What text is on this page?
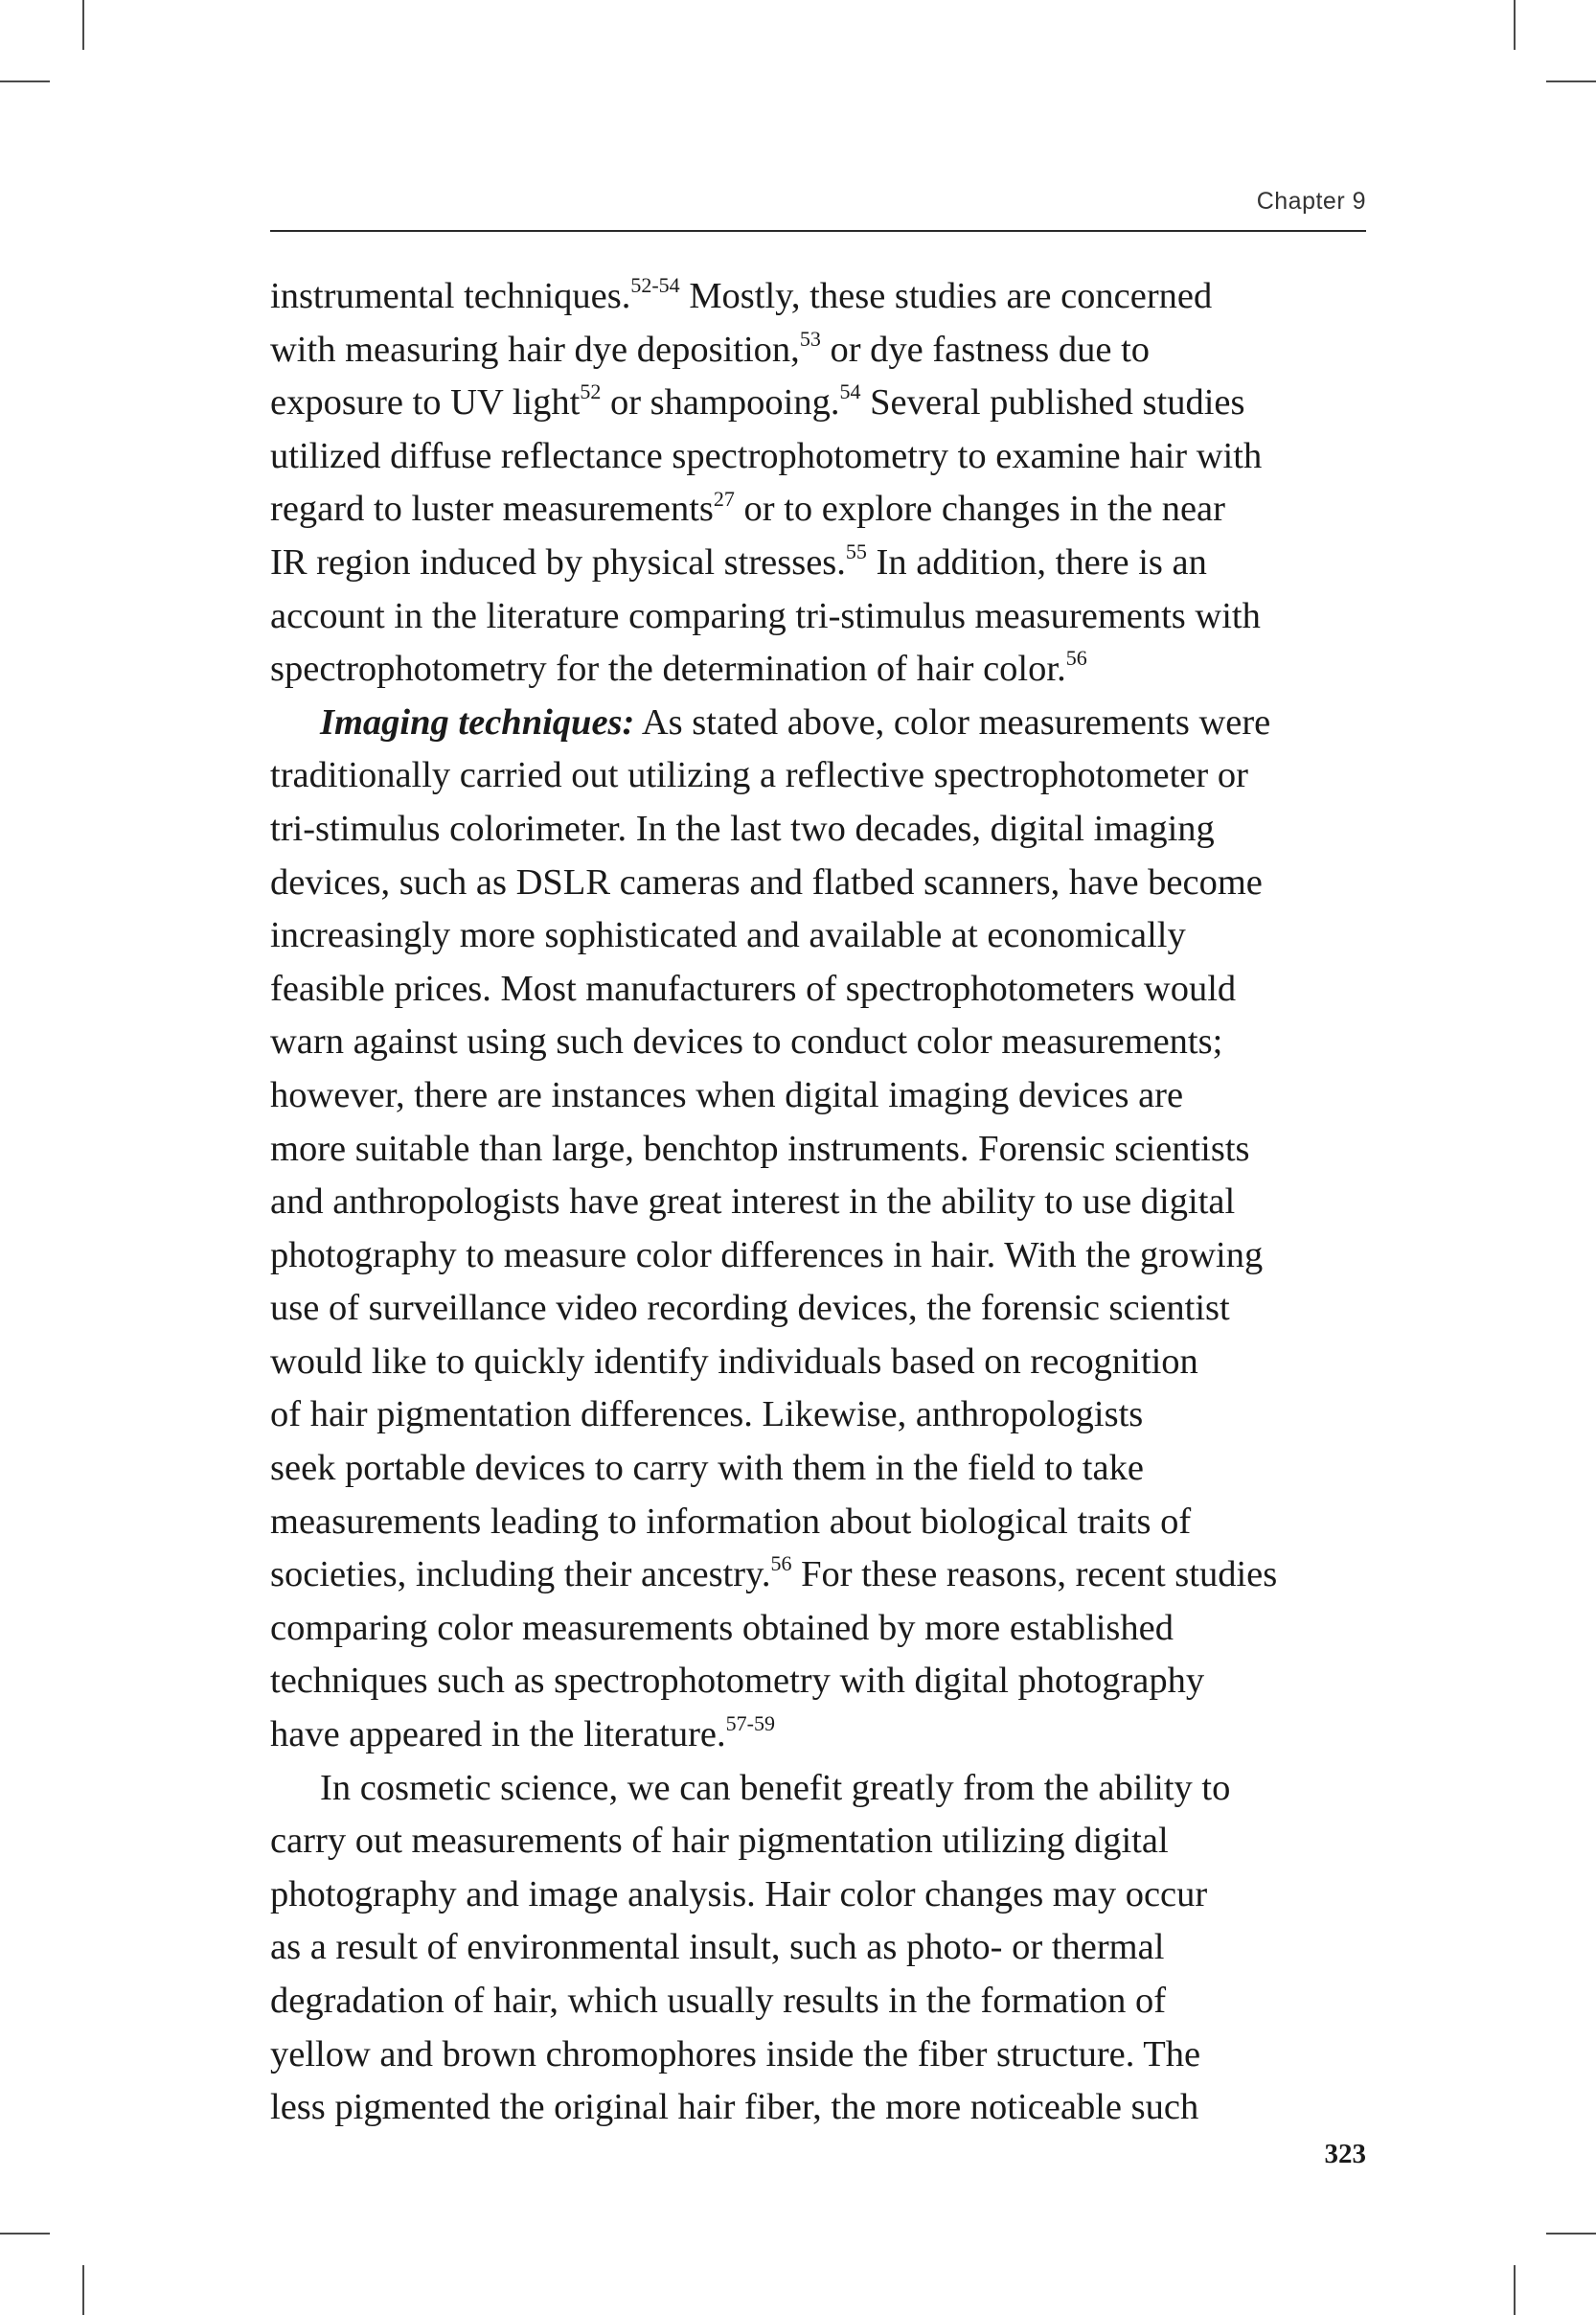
Chapter 9
instrumental techniques.$^{52-54}$ Mostly, these studies are concerned
with measuring hair dye deposition,$^{53}$ or dye fastness due to
exposure to UV light$^{52}$ or shampooing.$^{54}$ Several published studies
utilized diffuse reflectance spectrophotometry to examine hair with
regard to luster measurements$^{27}$ or to explore changes in the near
IR region induced by physical stresses.$^{55}$ In addition, there is an
account in the literature comparing tri-stimulus measurements with
spectrophotometry for the determination of hair color.$^{56}$
Imaging techniques: As stated above, color measurements were
traditionally carried out utilizing a reflective spectrophotometer or
tri-stimulus colorimeter. In the last two decades, digital imaging
devices, such as DSLR cameras and flatbed scanners, have become
increasingly more sophisticated and available at economically
feasible prices. Most manufacturers of spectrophotometers would
warn against using such devices to conduct color measurements;
however, there are instances when digital imaging devices are
more suitable than large, benchtop instruments. Forensic scientists
and anthropologists have great interest in the ability to use digital
photography to measure color differences in hair. With the growing
use of surveillance video recording devices, the forensic scientist
would like to quickly identify individuals based on recognition
of hair pigmentation differences. Likewise, anthropologists
seek portable devices to carry with them in the field to take
measurements leading to information about biological traits of
societies, including their ancestry.$^{56}$ For these reasons, recent studies
comparing color measurements obtained by more established
techniques such as spectrophotometry with digital photography
have appeared in the literature.$^{57-59}$
In cosmetic science, we can benefit greatly from the ability to
carry out measurements of hair pigmentation utilizing digital
photography and image analysis. Hair color changes may occur
as a result of environmental insult, such as photo- or thermal
degradation of hair, which usually results in the formation of
yellow and brown chromophores inside the fiber structure. The
less pigmented the original hair fiber, the more noticeable such
323
